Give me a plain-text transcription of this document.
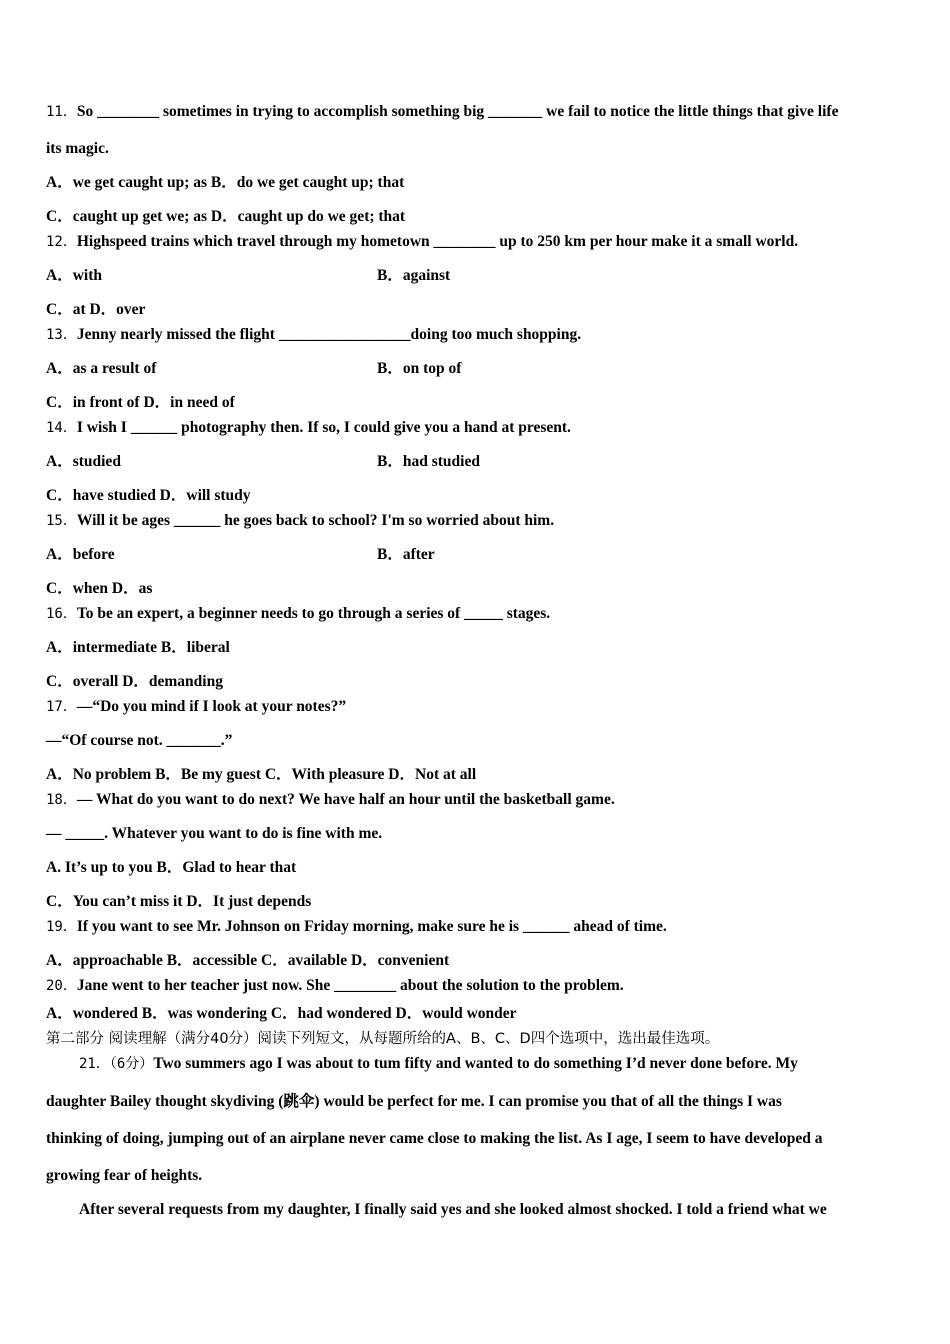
11．So ________ sometimes in trying to accomplish something big _______ we fail to notice the little things that give life
its magic.
A．we get caught up; as B．do we get caught up; that
C．caught up get we; as D．caught up do we get; that
12．Highspeed trains which travel through my hometown ________ up to 250 km per hour make it a small world.
A．with	B．against
C．at D．over
13．Jenny nearly missed the flight _________________doing too much shopping.
A．as a result of	B．on top of
C．in front of D．in need of
14．I wish I ______ photography then. If so, I could give you a hand at present.
A．studied	B．had studied
C．have studied D．will study
15．Will it be ages ______ he goes back to school? I'm so worried about him.
A．before	B．after
C．when D．as
16．To be an expert, a beginner needs to go through a series of _____ stages.
A．intermediate B．liberal
C．overall D．demanding
17．—“Do you mind if I look at your notes?”
—“Of course not. _______.”
A．No problem B．Be my guest C．With pleasure D．Not at all
18．— What do you want to do next? We have half an hour until the basketball game.
— _____. Whatever you want to do is fine with me.
A. It’s up to you B．Glad to hear that
C．You can’t miss it D．It just depends
19．If you want to see Mr. Johnson on Friday morning, make sure he is ______ ahead of time.
A．approachable B．accessible C．available D．convenient
20．Jane went to her teacher just now. She ________ about the solution to the problem.
A．wondered B．was wondering C．had wondered D．would wonder
第二部分 阅读理解（满分40分）阅读下列短文，从每题所给的A、B、C、D四个选项中，选出最佳选项。
21．（6分）Two summers ago I was about to tum fifty and wanted to do something I’d never done before. My
daughter Bailey thought skydiving (跳伞) would be perfect for me. I can promise you that of all the things I was
thinking of doing, jumping out of an airplane never came close to making the list. As I age, I seem to have developed a
growing fear of heights.
After several requests from my daughter, I finally said yes and she looked almost shocked. I told a friend what we
